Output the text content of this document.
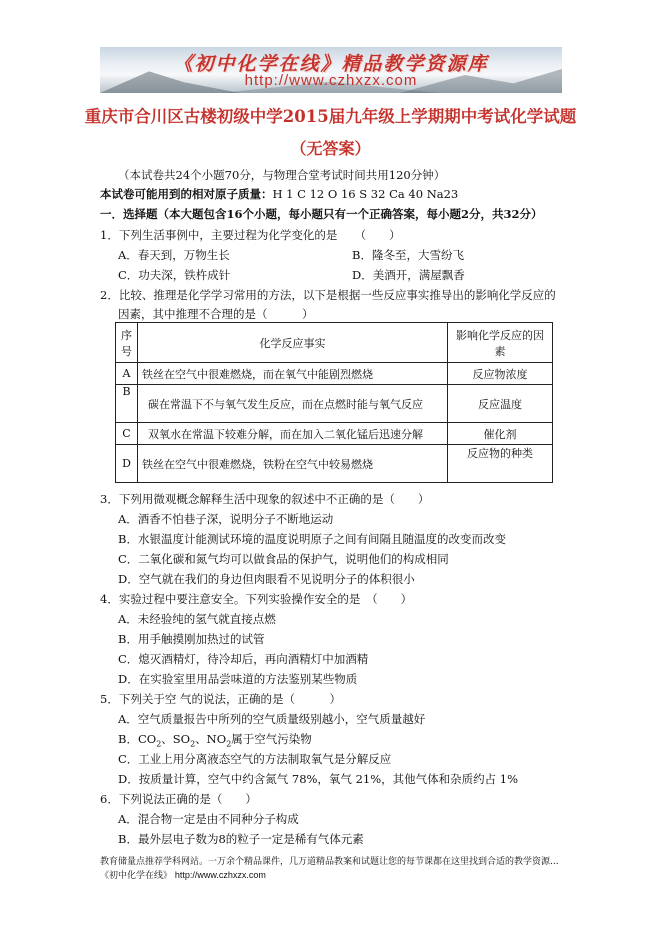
《初中化学在线》精品教学资源库
http://www.czhxzx.com
重庆市合川区古楼初级中学2015届九年级上学期期中考试化学试题
（无答案）
（本试卷共24个小题70分，与物理合堂考试时间共用120分钟）
本试卷可能用到的相对原子质量：H 1 C 12 O 16 S 32 Ca 40 Na23
一．选择题（本大题包含16个小题，每小题只有一个正确答案，每小题2分，共32分）
1．下列生活事例中，主要过程为化学变化的是　　（　　）
A．春天到，万物生长	B．隆冬至，大雪纷飞
C．功夫深，铁杵成针	D．美酒开，满屋飘香
2．比较、推理是化学学习常用的方法，以下是根据一些反应事实推导出的影响化学反应的
因素，其中推理不合理的是（　　　）
序号	化学反应事实	影响化学反应的因素
A	铁丝在空气中很难燃烧，而在氧气中能剧烈燃烧	反应物浓度
B	碳在常温下不与氧气发生反应，而在点燃时能与氧气反应	反应温度
C	双氧水在常温下较难分解，而在加入二氧化锰后迅速分解	催化剂
D	铁丝在空气中很难燃烧，铁粉在空气中较易燃烧	反应物的种类
3．下列用微观概念解释生活中现象的叙述中不正确的是（　　）
A．酒香不怕巷子深，说明分子不断地运动
B．水银温度计能测试环境的温度说明原子之间有间隔且随温度的改变而改变
C．二氧化碳和氮气均可以做食品的保护气，说明他们的构成相同
D．空气就在我们的身边但肉眼看不见说明分子的体积很小
4．实验过程中要注意安全。下列实验操作安全的是　（　　）
A．未经验纯的氢气就直接点燃
B．用手触摸刚加热过的试管
C．熄灭酒精灯，待冷却后，再向酒精灯中加酒精
D．在实验室里用品尝味道的方法鉴别某些物质
5．下列关于空 气的说法，正确的是（　　　）
A．空气质量报告中所列的空气质量级别越小，空气质量越好
B．$CO_2$、$SO_2$、$NO_2$属于空气污染物
C．工业上用分离液态空气的方法制取氧气是分解反应
D．按质量计算，空气中约含氮气 78%，氧气 21%，其他气体和杂质约占 1%
6．下列说法正确的是（　　）
A．混合物一定是由不同种分子构成
B．最外层电子数为8的粒子一定是稀有气体元素
教育储量点推荐学科网站。一万余个精品课件，几万道精品教案和试题让您的每节课都在这里找到合适的教学资源...《初中化学在线》 http://www.czhxzx.com
